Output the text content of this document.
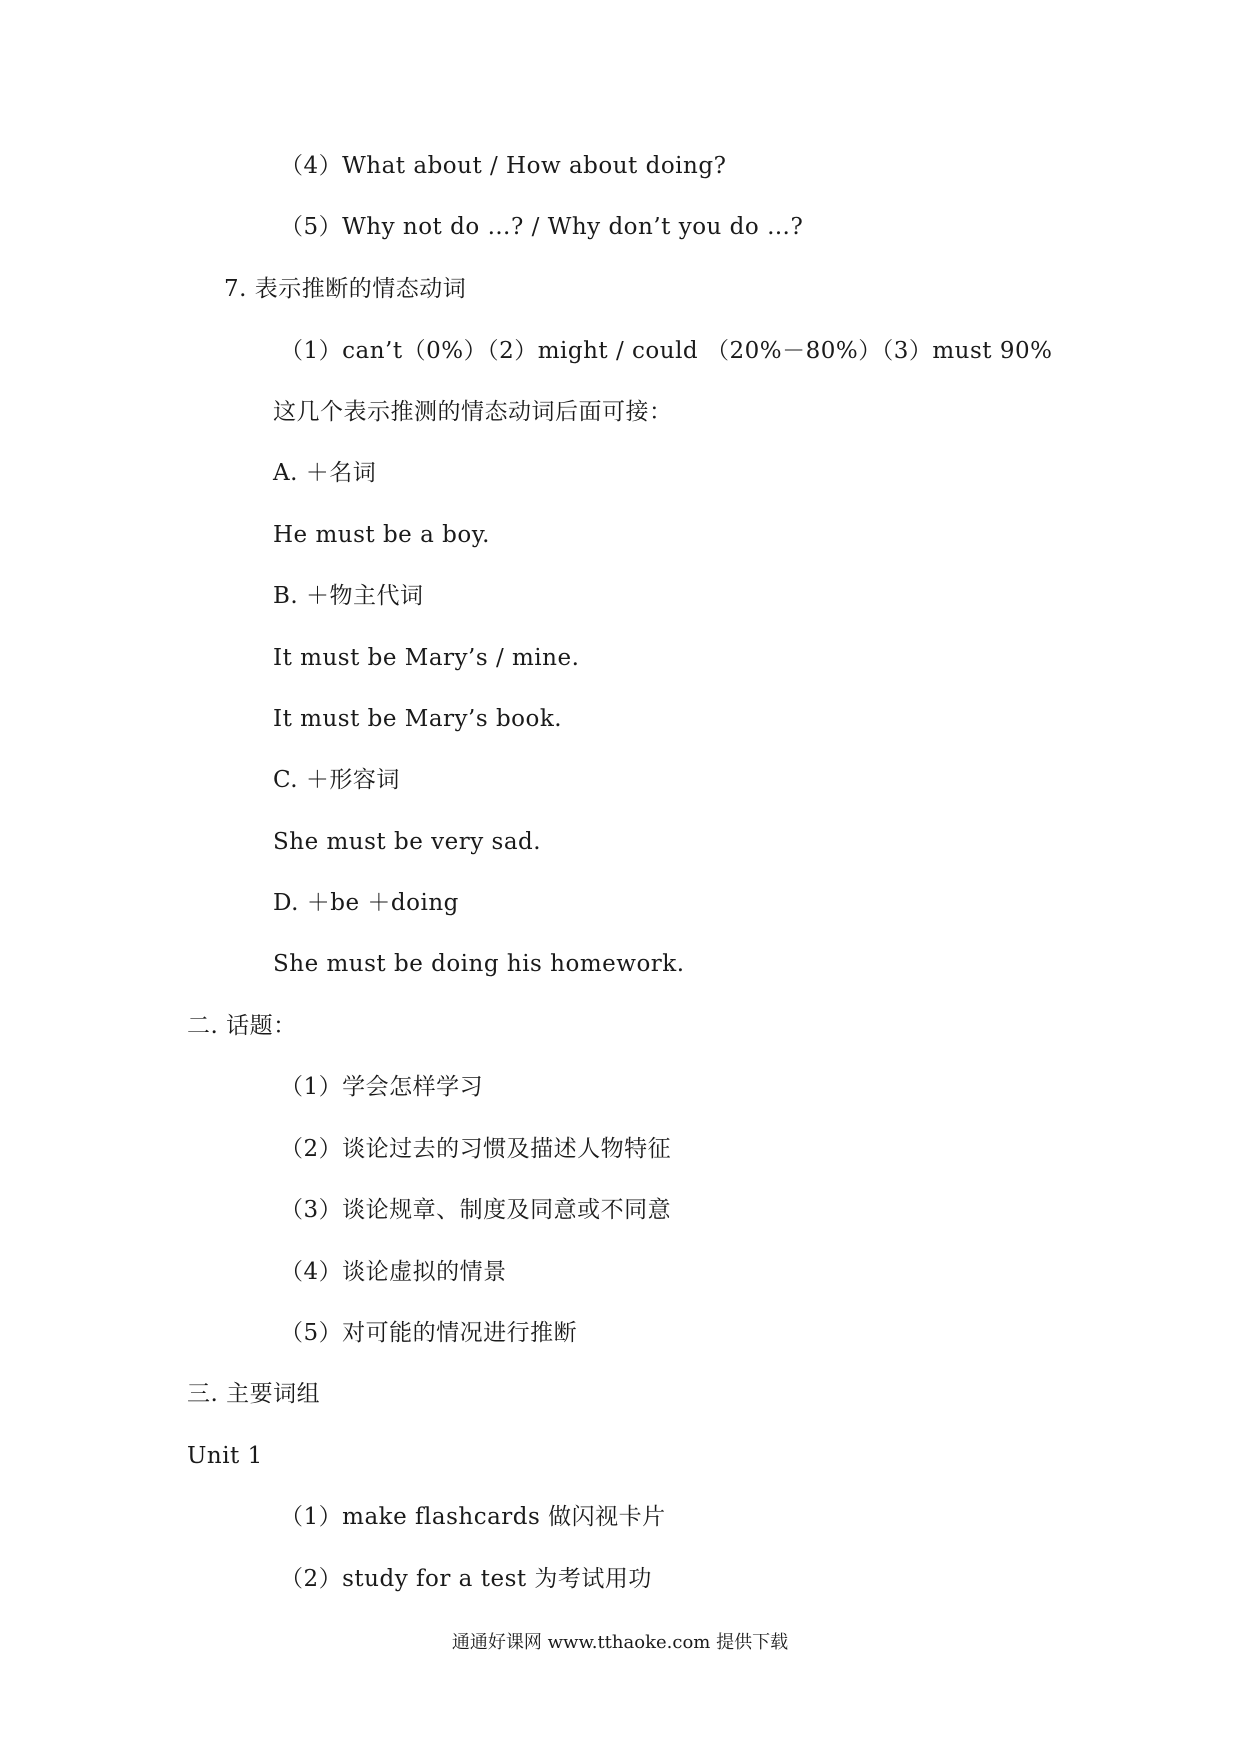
（4）What about / How about doing?
（5）Why not do …? / Why don’t you do …?
7. 表示推断的情态动词
（1）can’t（0%）（2）might / could （20%－80%）（3）must 90%
这几个表示推测的情态动词后面可接：
A. ＋名词
He must be a boy.
B. ＋物主代词
It must be Mary’s / mine.
It must be Mary’s book.
C. ＋形容词
She must be very sad.
D. ＋be ＋doing
She must be doing his homework.
二. 话题：
（1）学会怎样学习
（2）谈论过去的习惯及描述人物特征
（3）谈论规章、制度及同意或不同意
（4）谈论虚拟的情景
（5）对可能的情况进行推断
三. 主要词组
Unit 1
（1）make flashcards 做闪视卡片
（2）study for a test 为考试用功
通通好课网 www.tthaoke.com 提供下载
